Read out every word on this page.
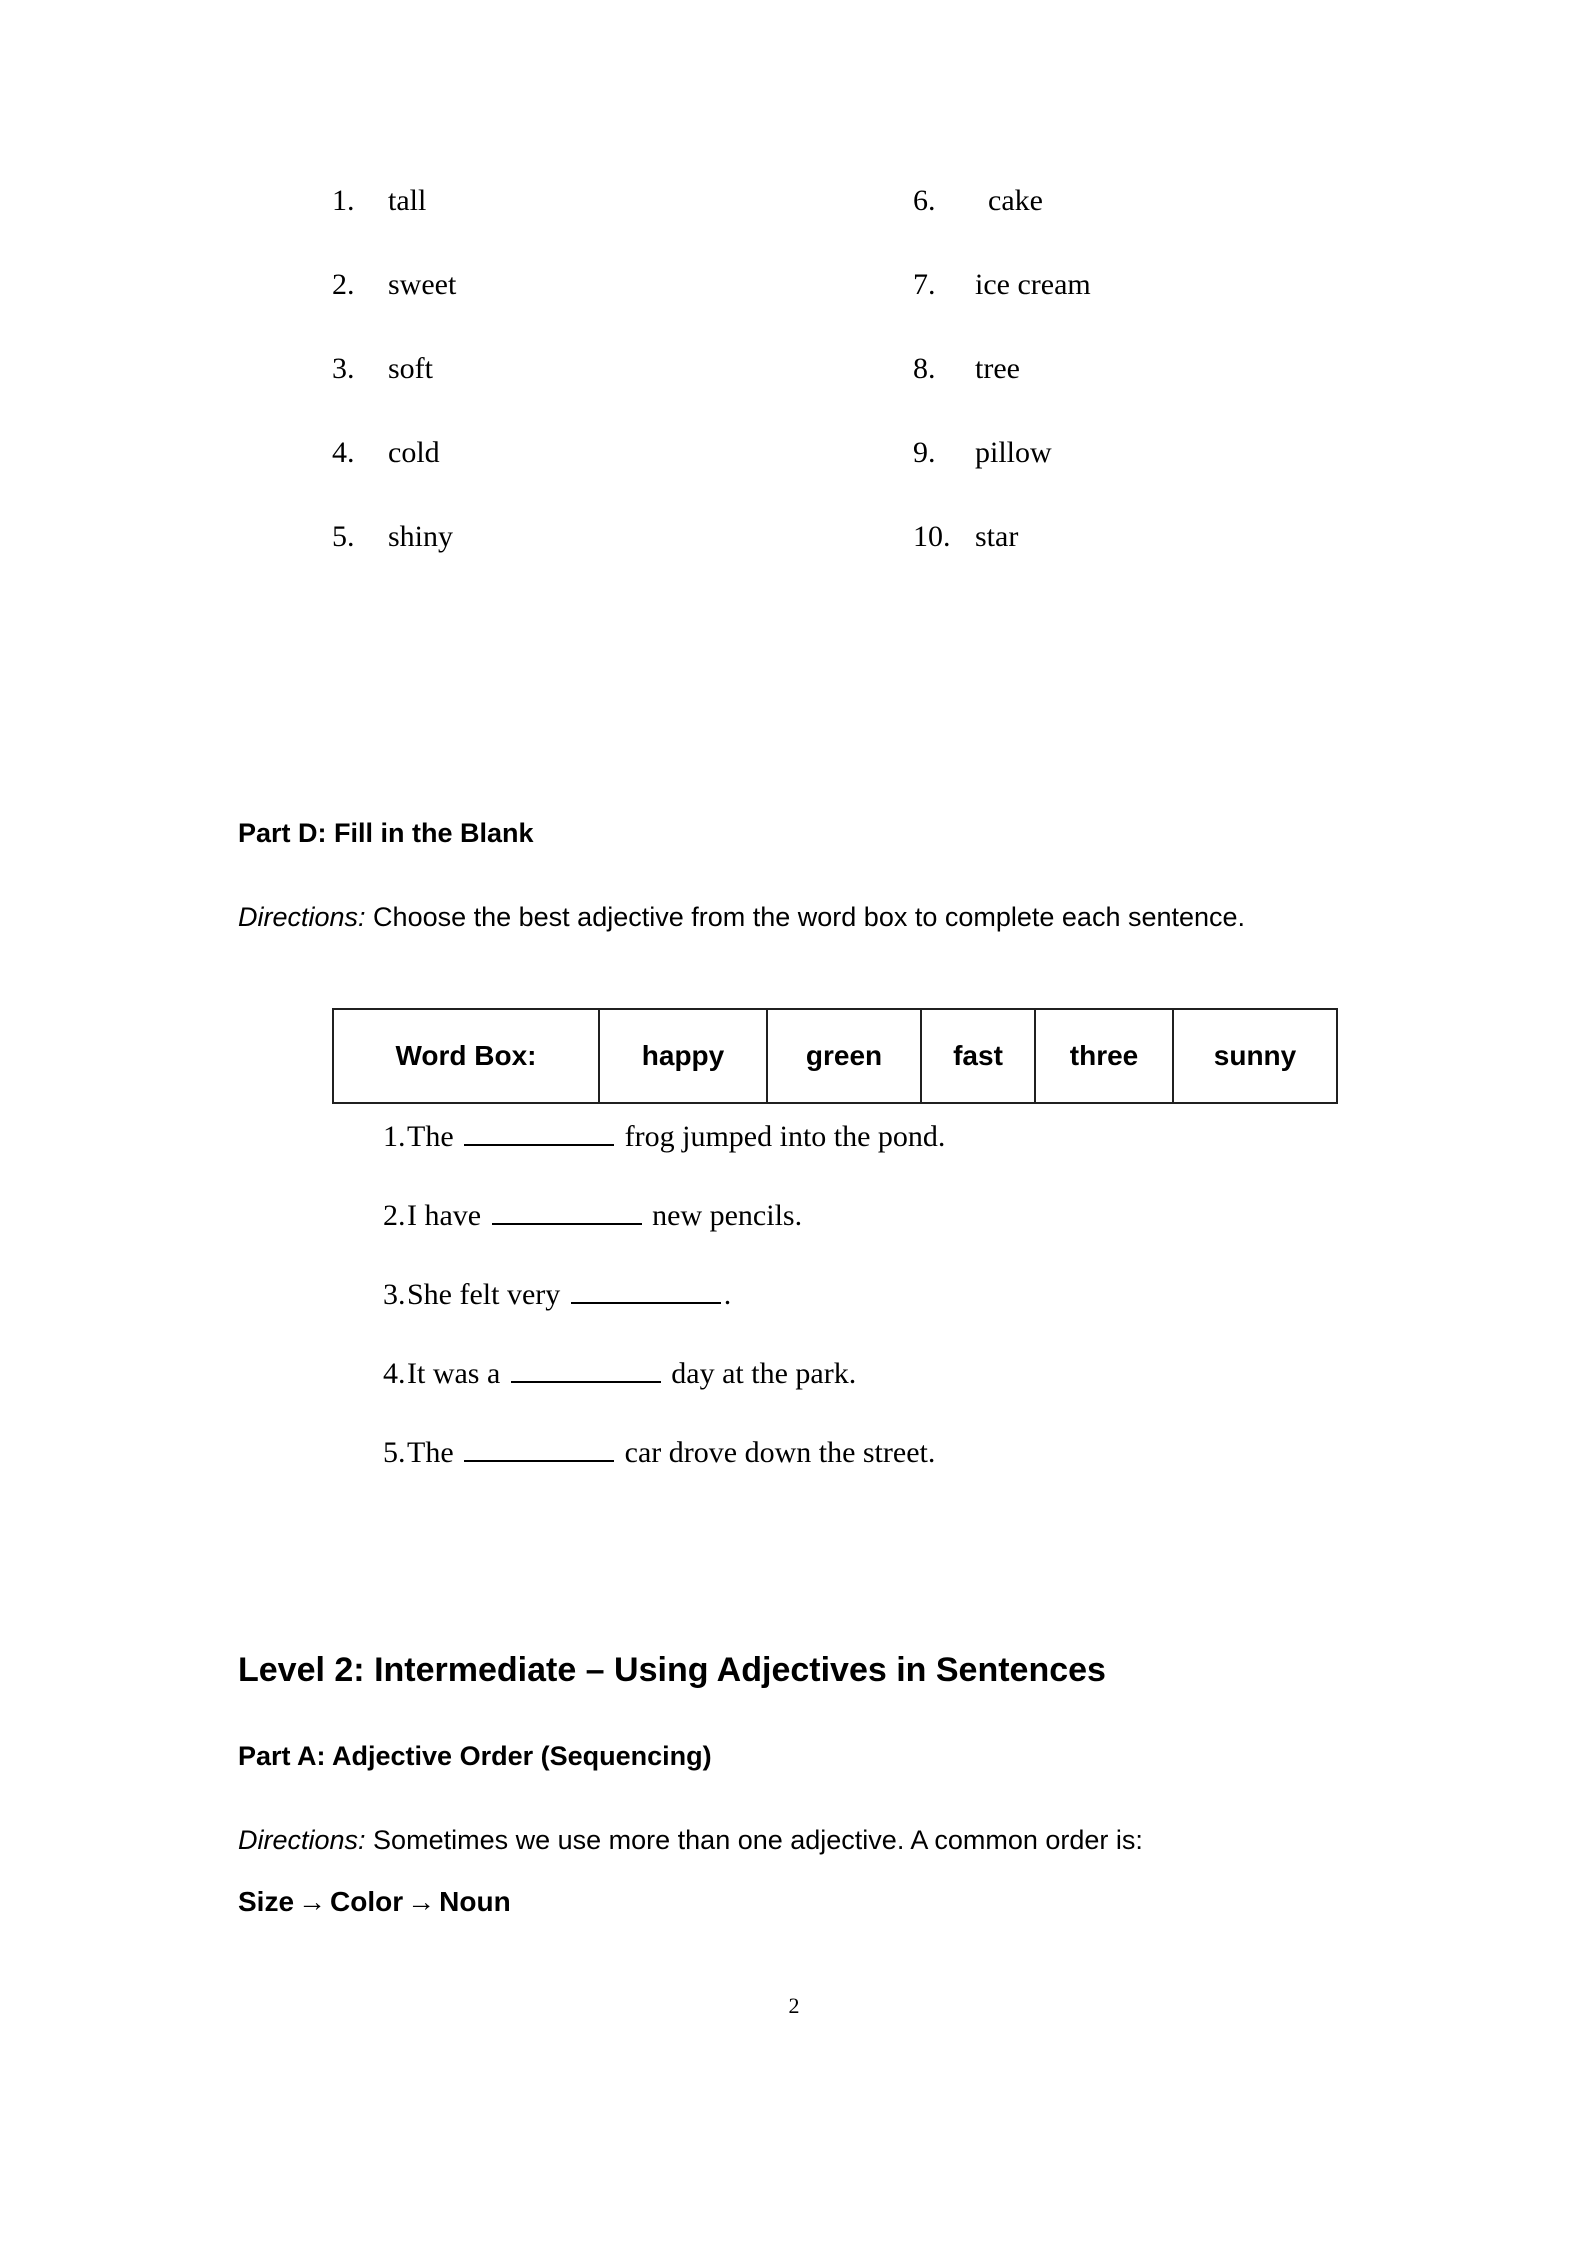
1. tall	6. cake
2. sweet	7. ice cream
3. soft	8. tree
4. cold	9. pillow
5. shiny	10. star
Part D: Fill in the Blank

Directions: Choose the best adjective from the word box to complete each sentence.

Word Box:	happy	green	fast	three	sunny
1.The	frog jumped into the pond.
2.I have	new pencils.
3.She felt very	.
4.It was a	day at the park.
5.The	car drove down the street.
Level 2: Intermediate – Using Adjectives in Sentences
Part A: Adjective Order (Sequencing)

Directions: Sometimes we use more than one adjective. A common order is:

Size → Color → Noun
2
